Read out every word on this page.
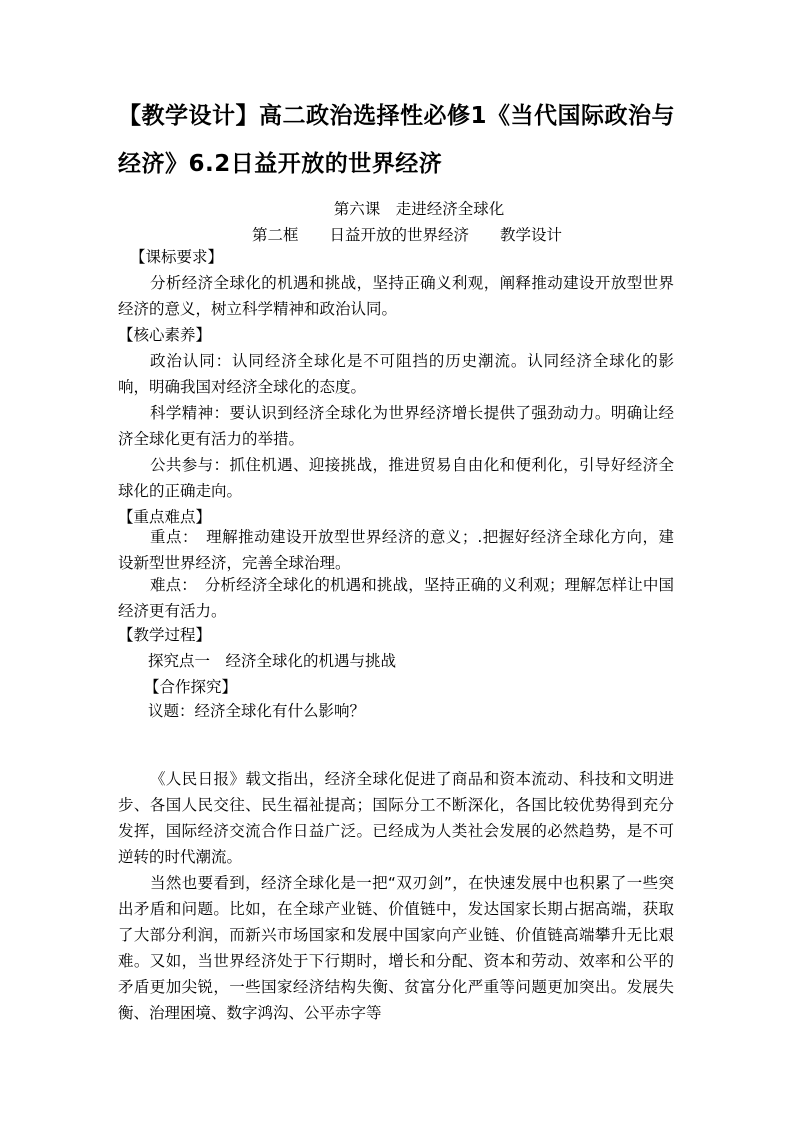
【教学设计】高二政治选择性必修1《当代国际政治与经济》6.2日益开放的世界经济
第六课　走进经济全球化
第二框　　日益开放的世界经济　　教学设计
【课标要求】
分析经济全球化的机遇和挑战，坚持正确义利观，阐释推动建设开放型世界经济的意义，树立科学精神和政治认同。
【核心素养】
政治认同：认同经济全球化是不可阻挡的历史潮流。认同经济全球化的影响，明确我国对经济全球化的态度。
科学精神：要认识到经济全球化为世界经济增长提供了强劲动力。明确让经济全球化更有活力的举措。
公共参与：抓住机遇、迎接挑战，推进贸易自由化和便利化，引导好经济全球化的正确走向。
【重点难点】
重点：　理解推动建设开放型世界经济的意义；.把握好经济全球化方向，建设新型世界经济，完善全球治理。
难点：　分析经济全球化的机遇和挑战，坚持正确的义利观；理解怎样让中国经济更有活力。
【教学过程】
探究点一　经济全球化的机遇与挑战
【合作探究】
议题：经济全球化有什么影响？
《人民日报》载文指出，经济全球化促进了商品和资本流动、科技和文明进步、各国人民交往、民生福祉提高；国际分工不断深化，各国比较优势得到充分发挥，国际经济交流合作日益广泛。已经成为人类社会发展的必然趋势，是不可逆转的时代潮流。
当然也要看到，经济全球化是一把“双刃剑”，在快速发展中也积累了一些突出矛盾和问题。比如，在全球产业链、价值链中，发达国家长期占据高端，获取了大部分利润，而新兴市场国家和发展中国家向产业链、价值链高端攀升无比艰难。又如，当世界经济处于下行期时，增长和分配、资本和劳动、效率和公平的矛盾更加尖锐，一些国家经济结构失衡、贫富分化严重等问题更加突出。发展失衡、治理困境、数字鸿沟、公平赤字等
